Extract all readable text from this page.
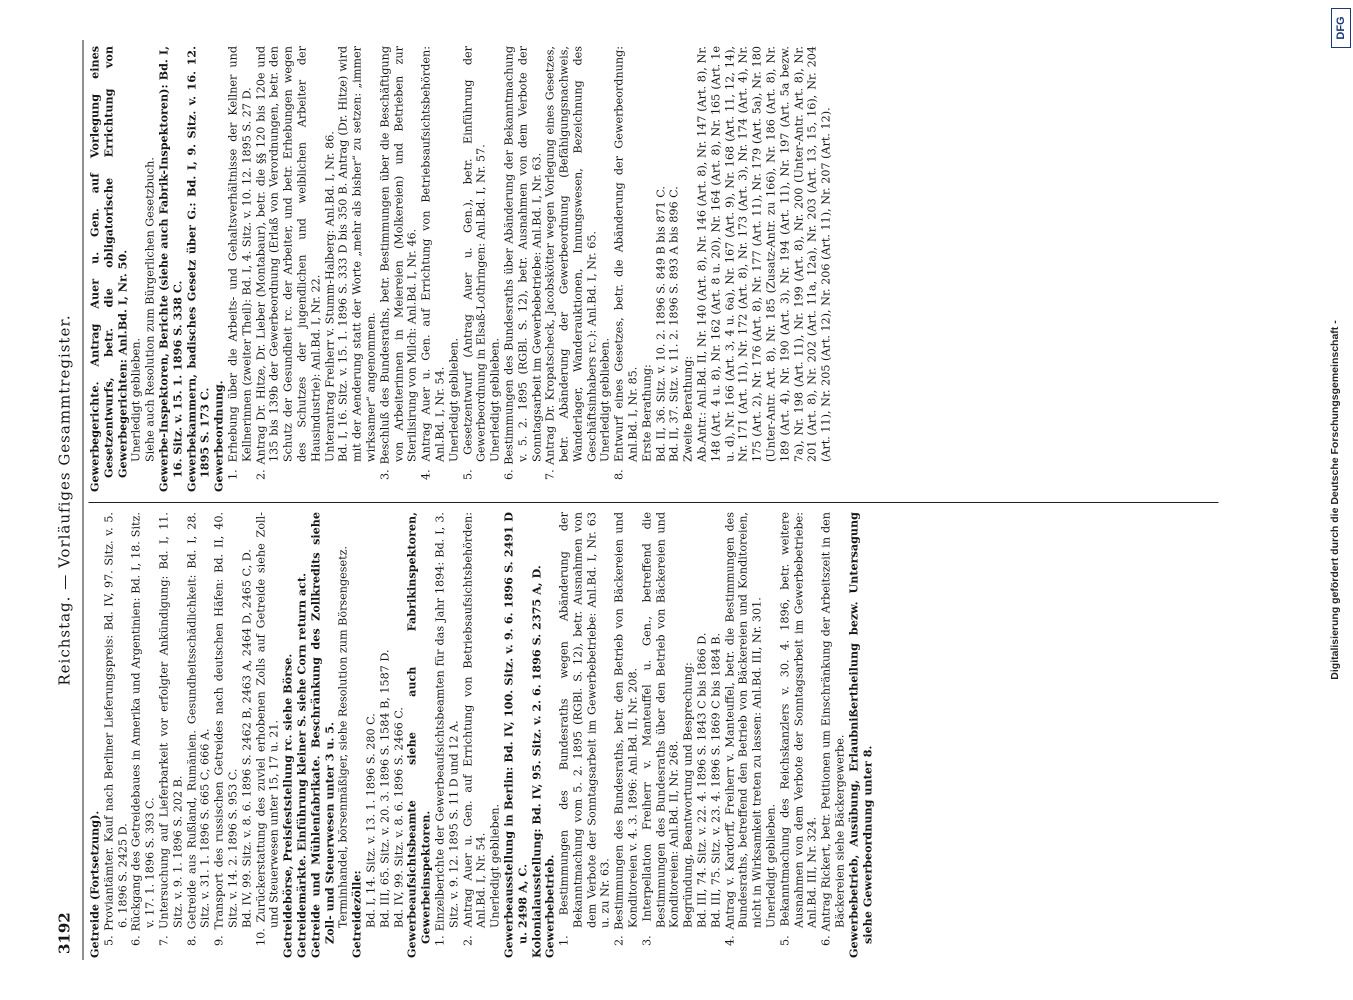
3192
Reichstag. — Vorläufiges Gesammtregister.

Getreide (Fortsetzung). 5. Proviantämter. Kauf nach Berliner Lieferungspreis: Bd. IV, 97. Sitz. v. 5. 6. 1896 S. 2425 D. 6. Rückgang des Getreidebaues in Amerika und Argentinien: Bd. I, 18. Sitz. v. 17. 1. 1896 S. 393 C. 7. Untersuchung auf Lieferbarkeit vor erfolgter Ankündigung: Bd. I, 11. Sitz. v. 9. 1. 1896 S. 202 B. 8. Getreide aus Rußland, Rumänien. Gesundheitsschädlichkeit: Bd. I, 28. Sitz. v. 31. 1. 1896 S. 665 C, 666 A. 9. Transport des russischen Getreides nach deutschen Häfen: Bd. II, 40. Sitz. v. 14. 2. 1896 S. 953 C. Bd. IV, 99. Sitz. v. 8. 6. 1896 S. 2462 B, 2463 A, 2464 D, 2465 C, D. 10. Zurückerstattung des zuviel erhobenen Zolls auf Getreide siehe Zoll- und Steuerwesen unter 15, 17 u. 21. Getreidebörse, Preisfeststellung rc. siehe Börse. Getreidemärkte. Einführung kleiner S. siehe Corn return act. Getreide und Mühlenfabrikate. Beschränkung des Zollkredits siehe Zoll- und Steuerwesen unter 3 u. 5. Terminhandel, börsenmäßiger, siehe Resolution zum Börsengesetz. Getreidezölle: Bd. I, 14. Sitz. v. 13. 1. 1896 S. 280 C. Bd. III, 65. Sitz. v. 20. 3. 1896 S. 1584 B, 1587 D. Bd. IV, 99. Sitz. v. 8. 6. 1896 S. 2466 C. Gewerbeaufsichtsbeamte siehe auch Fabrikinspektoren, Gewerbeinspektoren. 1. Einzelberichte der Gewerbeaufsichtsbeamten für das Jahr 1894: Bd. I, 3. Sitz. v. 9. 12. 1895 S. 11 D und 12 A. 2. Antrag Auer u. Gen. auf Errichtung von Betriebsaufsichtsbehörden: Anl.Bd. I, Nr. 54. Unerledigt geblieben. Gewerbeausstellung in Berlin: Bd. IV, 100. Sitz. v. 9. 6. 1896 S. 2491 D u. 2498 A, C. Kolonialausstellung: Bd. IV, 95. Sitz. v. 2. 6. 1896 S. 2375 A, D. Gewerbebetrieb. 1. Bestimmungen des Bundesraths wegen Abänderung der Bekanntmachung vom 5. 2. 1895 (RGBl. S. 12), betr. Ausnahmen von dem Verbote der Sonntagsarbeit im Gewerbebetriebe: Anl.Bd. I, Nr. 63 u. zu Nr. 63. 2. Bestimmungen des Bundesraths, betr. den Betrieb von Bäckereien und Konditoreien v. 4. 3. 1896: Anl.Bd. II, Nr. 208. 3. Interpellation Freiherr v. Manteuffel u. Gen., betreffend die Bestimmungen des Bundesraths über den Betrieb von Bäckereien und Konditoreien: Anl.Bd. II, Nr. 268. Begründung, Beantwortung und Besprechung: Bd. III, 74. Sitz. v. 22. 4. 1896 S. 1843 C bis 1866 D. Bd. III, 75. Sitz. v. 23. 4. 1896 S. 1869 C bis 1884 B. 4. Antrag v. Kardorff, Freiherr v. Manteuffel, betr. die Bestimmungen des Bundesraths, betreffend den Betrieb von Bäckereien und Konditoreien, nicht in Wirksamkeit treten zu lassen: Anl.Bd. III, Nr. 301. Unerledigt geblieben. 5. Bekanntmachung des Reichskanzlers v. 30. 4. 1896, betr. weitere Ausnahmen von dem Verbote der Sonntagsarbeit im Gewerbebetriebe: Anl.Bd. III, Nr. 324. 6. Antrag Rickert, betr. Petitionen um Einschränkung der Arbeitszeit in den Bäckereien siehe Bäckergewerbe. Gewerbebetrieb, Ausübung, Erlaubnißertheilung bezw. Untersagung siehe Gewerbeordnung unter 8.

Gewerbegerichte. Antrag Auer u. Gen. auf Vorlegung eines Gesetzentwurfs, betr. die obligatorische Errichtung von Gewerbegerichten: Anl.Bd. I, Nr. 50. Unerledigt geblieben. Siehe auch Resolution zum Bürgerlichen Gesetzbuch. Gewerbe-Inspektoren, Berichte (siehe auch Fabrik-Inspektoren): Bd. I, 16. Sitz. v. 15. 1. 1896 S. 338 C. Gewerbekammern, badisches Gesetz über G.: Bd. I, 9. Sitz. v. 16. 12. 1895 S. 173 C. Gewerbeordnung. 1. Erhebung über die Arbeits- und Gehaltsverhältnisse der Kellner und Kellnerinnen (zweiter Theil): Bd. I, 4. Sitz. v. 10. 12. 1895 S. 27 D. 2. Antrag Dr. Hitze, Dr. Lieber (Montabaur), betr. die §§ 120 bis 120e und 135 bis 139b der Gewerbeordnung (Erlaß von Verordnungen, betr. den Schutz der Gesundheit rc. der Arbeiter, und betr. Erhebungen wegen des Schutzes der jugendlichen und weiblichen Arbeiter der Hausindustrie): Anl.Bd. I, Nr. 22. Unterantrag Freiherr v. Stumm-Halberg: Anl.Bd. I, Nr. 86. Bd. I, 16. Sitz. v. 15. 1. 1896 S. 333 D bis 350 B. Antrag (Dr. Hitze) wird mit der Aenderung statt der Worte „mehr als bisher“ zu setzen: „immer wirksamer“ angenommen. 3. Beschluß des Bundesraths, betr. Bestimmungen über die Beschäftigung von Arbeiterinnen in Meiereien (Molkereien) und Betrieben zur Sterilisirung von Milch: Anl.Bd. I, Nr. 46. 4. Antrag Auer u. Gen. auf Errichtung von Betriebsaufsichtsbehörden: Anl.Bd. I, Nr. 54. Unerledigt geblieben. 5. Gesetzentwurf (Antrag Auer u. Gen.), betr. Einführung der Gewerbeordnung in Elsaß-Lothringen: Anl.Bd. I, Nr. 57. Unerledigt geblieben. 6. Bestimmungen des Bundesraths über Abänderung der Bekanntmachung v. 5. 2. 1895 (RGBl. S. 12), betr. Ausnahmen von dem Verbote der Sonntagsarbeit im Gewerbebetriebe: Anl.Bd. I, Nr. 63. 7. Antrag Dr. Kropatscheck, Jacobskötter wegen Vorlegung eines Gesetzes, betr. Abänderung der Gewerbeordnung (Befähigungsnachweis, Wanderlager, Wanderauktionen, Innungswesen, Bezeichnung des Geschäftsinhabers rc.): Anl.Bd. I, Nr. 65. Unerledigt geblieben. 8. Entwurf eines Gesetzes, betr. die Abänderung der Gewerbeordnung: Anl.Bd. I, Nr. 85. Erste Berathung: Bd. II, 36. Sitz. v. 10. 2. 1896 S. 849 B bis 871 C. Bd. II, 37. Sitz. v. 11. 2. 1896 S. 893 A bis 896 C. Zweite Berathung: Ab.Antr.: Anl.Bd. II, Nr. 140 (Art. 8), Nr. 146 (Art. 8), Nr. 147 (Art. 8), Nr. 148 (Art. 4 u. 8), Nr. 162 (Art. 8 u. 20), Nr. 164 (Art. 8), Nr. 165 (Art. 1e u. d), Nr. 166 (Art. 3, 4 u. 6a), Nr. 167 (Art. 9), Nr. 168 (Art. 11, 12, 14), Nr. 171 (Art. 11), Nr. 172 (Art. 8), Nr. 173 (Art. 3), Nr. 174 (Art. 4), Nr. 175 (Art. 2), Nr. 176 (Art. 8), Nr. 177 (Art. 11), Nr. 179 (Art. 5a), Nr. 180 (Unter-Antr. Art. 8), Nr. 185 (Zusatz-Antr. zu 166), Nr. 186 (Art. 8), Nr. 189 (Art. 4), Nr. 190 (Art. 3), Nr. 194 (Art. 11), Nr. 197 (Art. 5a bezw. 7a), Nr. 198 (Art. 11), Nr. 199 (Art. 8), Nr. 200 (Unter-Antr. Art. 8), Nr. 201 (Art. 8), Nr. 202 (Art. 11a, 12a), Nr. 203 (Art. 13, 15, 16), Nr. 204 (Art. 11), Nr. 205 (Art. 12), Nr. 206 (Art. 11), Nr. 207 (Art. 12).

DFG
Digitalisierung gefördert durch die Deutsche Forschungsgemeinschaft -
